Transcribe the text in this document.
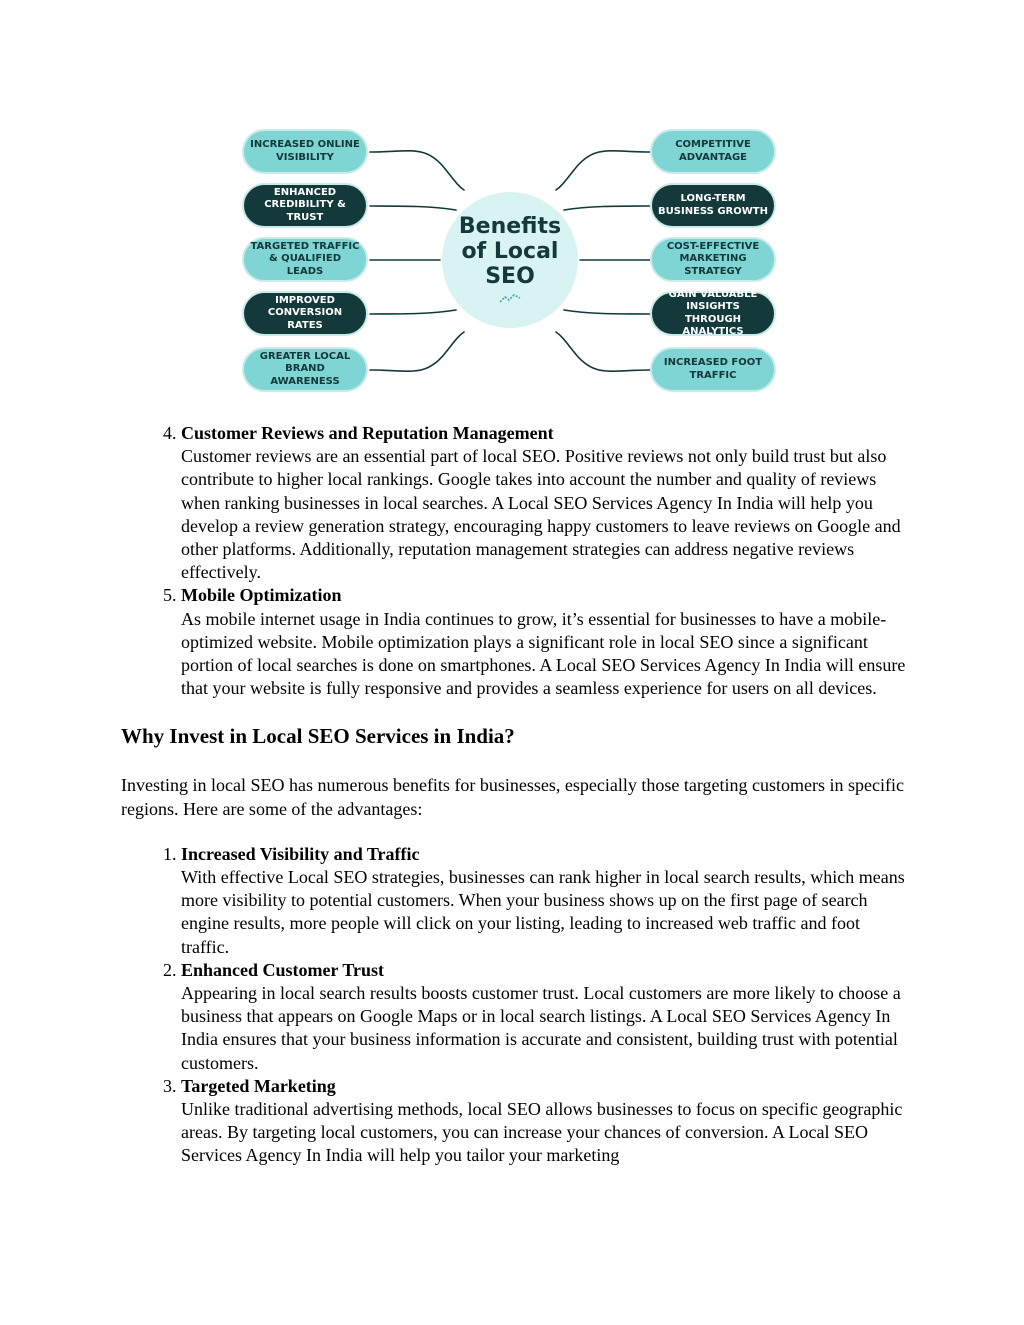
INCREASED ONLINE VISIBILITY
ENHANCED CREDIBILITY & TRUST
TARGETED TRAFFIC & QUALIFIED LEADS
IMPROVED CONVERSION RATES
GREATER LOCAL BRAND AWARENESS
COMPETITIVE ADVANTAGE
LONG-TERM BUSINESS GROWTH
COST-EFFECTIVE MARKETING STRATEGY
GAIN VALUABLE INSIGHTS THROUGH ANALYTICS
INCREASED FOOT TRAFFIC
Benefits
of Local
SEO
4. Customer Reviews and Reputation Management
Customer reviews are an essential part of local SEO. Positive reviews not only build trust but also contribute to higher local rankings. Google takes into account the number and quality of reviews when ranking businesses in local searches. A Local SEO Services Agency In India will help you develop a review generation strategy, encouraging happy customers to leave reviews on Google and other platforms. Additionally, reputation management strategies can address negative reviews effectively.
5. Mobile Optimization
As mobile internet usage in India continues to grow, it’s essential for businesses to have a mobile-optimized website. Mobile optimization plays a significant role in local SEO since a significant portion of local searches is done on smartphones. A Local SEO Services Agency In India will ensure that your website is fully responsive and provides a seamless experience for users on all devices.
Why Invest in Local SEO Services in India?

Investing in local SEO has numerous benefits for businesses, especially those targeting customers in specific regions. Here are some of the advantages:

1. Increased Visibility and Traffic
With effective Local SEO strategies, businesses can rank higher in local search results, which means more visibility to potential customers. When your business shows up on the first page of search engine results, more people will click on your listing, leading to increased web traffic and foot traffic.
2. Enhanced Customer Trust
Appearing in local search results boosts customer trust. Local customers are more likely to choose a business that appears on Google Maps or in local search listings. A Local SEO Services Agency In India ensures that your business information is accurate and consistent, building trust with potential customers.
3. Targeted Marketing
Unlike traditional advertising methods, local SEO allows businesses to focus on specific geographic areas. By targeting local customers, you can increase your chances of conversion. A Local SEO Services Agency In India will help you tailor your marketing
